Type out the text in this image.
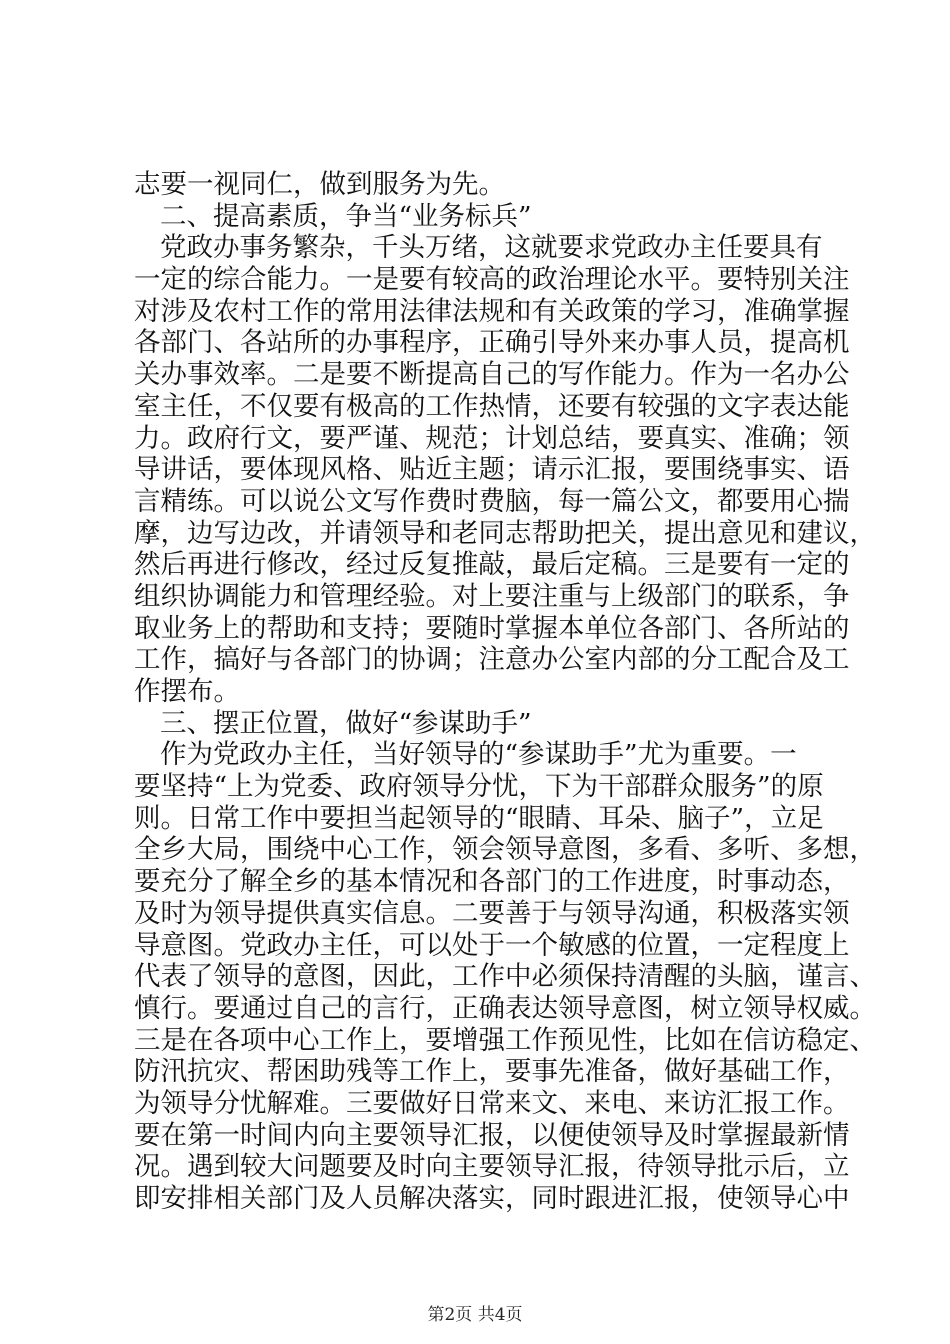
志要一视同仁，做到服务为先。
二、提高素质，争当“业务标兵”
党政办事务繁杂，千头万绪，这就要求党政办主任要具有
一定的综合能力。一是要有较高的政治理论水平。要特别关注
对涉及农村工作的常用法律法规和有关政策的学习，准确掌握
各部门、各站所的办事程序，正确引导外来办事人员，提高机
关办事效率。二是要不断提高自己的写作能力。作为一名办公
室主任，不仅要有极高的工作热情，还要有较强的文字表达能
力。政府行文，要严谨、规范；计划总结，要真实、准确；领
导讲话，要体现风格、贴近主题；请示汇报，要围绕事实、语
言精练。可以说公文写作费时费脑，每一篇公文，都要用心揣
摩，边写边改，并请领导和老同志帮助把关，提出意见和建议，
然后再进行修改，经过反复推敲，最后定稿。三是要有一定的
组织协调能力和管理经验。对上要注重与上级部门的联系，争
取业务上的帮助和支持；要随时掌握本单位各部门、各所站的
工作，搞好与各部门的协调；注意办公室内部的分工配合及工
作摆布。
三、摆正位置，做好“参谋助手”
作为党政办主任，当好领导的“参谋助手”尤为重要。一
要坚持“上为党委、政府领导分忧，下为干部群众服务”的原
则。日常工作中要担当起领导的“眼睛、耳朵、脑子”，立足
全乡大局，围绕中心工作，领会领导意图，多看、多听、多想，
要充分了解全乡的基本情况和各部门的工作进度，时事动态，
及时为领导提供真实信息。二要善于与领导沟通，积极落实领
导意图。党政办主任，可以处于一个敏感的位置，一定程度上
代表了领导的意图，因此，工作中必须保持清醒的头脑，谨言、
慎行。要通过自己的言行，正确表达领导意图，树立领导权威。
三是在各项中心工作上，要增强工作预见性，比如在信访稳定、
防汛抗灾、帮困助残等工作上，要事先准备，做好基础工作，
为领导分忧解难。三要做好日常来文、来电、来访汇报工作。
要在第一时间内向主要领导汇报，以便使领导及时掌握最新情
况。遇到较大问题要及时向主要领导汇报，待领导批示后，立
即安排相关部门及人员解决落实，同时跟进汇报，使领导心中
第2页 共4页
